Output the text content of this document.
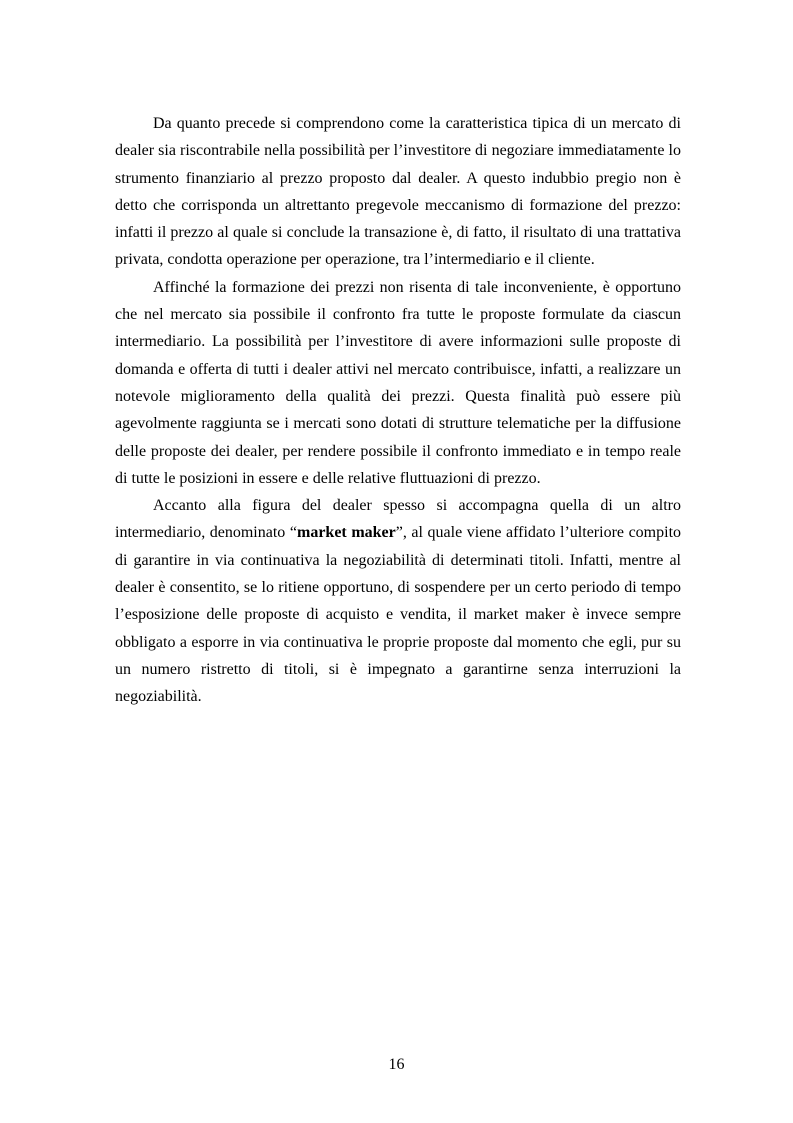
Da quanto precede si comprendono come la caratteristica tipica di un mercato di dealer sia riscontrabile nella possibilità per l’investitore di negoziare immediatamente lo strumento finanziario al prezzo proposto dal dealer. A questo indubbio pregio non è detto che corrisponda un altrettanto pregevole meccanismo di formazione del prezzo: infatti il prezzo al quale si conclude la transazione è, di fatto, il risultato di una trattativa privata, condotta operazione per operazione, tra l’intermediario e il cliente.

Affinché la formazione dei prezzi non risenta di tale inconveniente, è opportuno che nel mercato sia possibile il confronto fra tutte le proposte formulate da ciascun intermediario. La possibilità per l’investitore di avere informazioni sulle proposte di domanda e offerta di tutti i dealer attivi nel mercato contribuisce, infatti, a realizzare un notevole miglioramento della qualità dei prezzi. Questa finalità può essere più agevolmente raggiunta se i mercati sono dotati di strutture telematiche per la diffusione delle proposte dei dealer, per rendere possibile il confronto immediato e in tempo reale di tutte le posizioni in essere e delle relative fluttuazioni di prezzo.

Accanto alla figura del dealer spesso si accompagna quella di un altro intermediario, denominato “market maker”, al quale viene affidato l’ulteriore compito di garantire in via continuativa la negoziabilità di determinati titoli. Infatti, mentre al dealer è consentito, se lo ritiene opportuno, di sospendere per un certo periodo di tempo l’esposizione delle proposte di acquisto e vendita, il market maker è invece sempre obbligato a esporre in via continuativa le proprie proposte dal momento che egli, pur su un numero ristretto di titoli, si è impegnato a garantirne senza interruzioni la negoziabilità.

16
